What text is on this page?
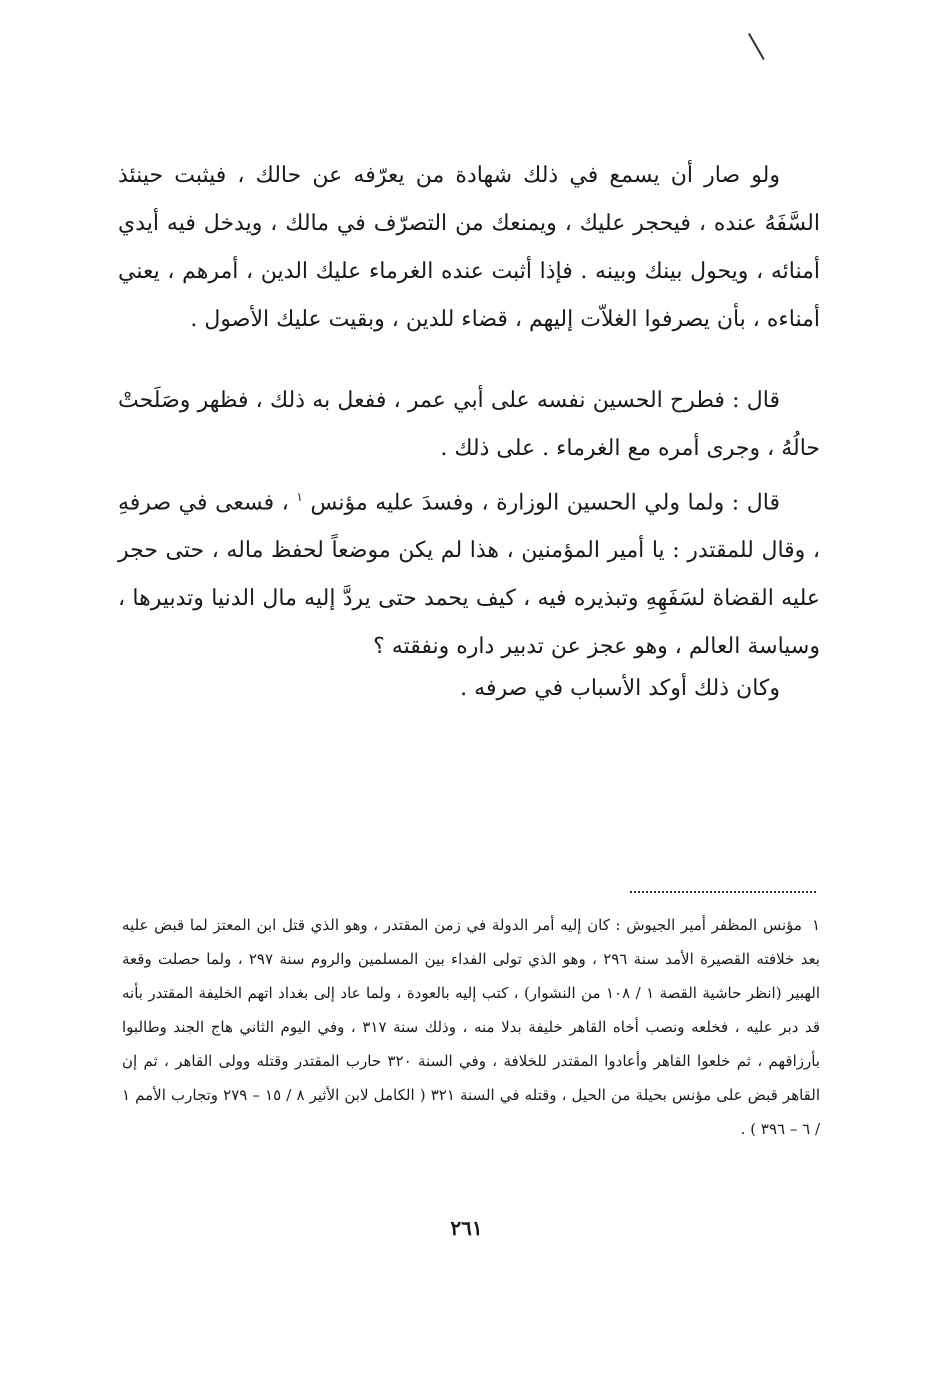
ولو صار أن يسمع في ذلك شهادة من يعرّفه عن حالك ، فيثبت حينئذ السَّفَهُ عنده ، فيحجر عليك ، ويمنعك من التصرّف في مالك ، ويدخل فيه أيدي أمنائه ، ويحول بينك وبينه . فإذا أثبت عنده الغرماء عليك الدين ، أمرهم ، يعني أمناءه ، بأن يصرفوا الغلاّت إليهم ، قضاء للدين ، وبقيت عليك الأصول .

قال : فطرح الحسين نفسه على أبي عمر ، ففعل به ذلك ، فظهر وصَلَحتْ حالُهُ ، وجرى أمره مع الغرماء . على ذلك .

قال : ولما ولي الحسين الوزارة ، وفسدَ عليه مؤنس $^١$ ، فسعى في صرفهِ ، وقال للمقتدر : يا أمير المؤمنين ، هذا لم يكن موضعاً لحفظ ماله ، حتى حجر عليه القضاة لسَفَهِهِ وتبذيره فيه ، كيف يحمد حتى يردَّ إليه مال الدنيا وتدبيرها ، وسياسة العالم ، وهو عجز عن تدبير داره ونفقته ؟

وكان ذلك أوكد الأسباب في صرفه .

١مؤنس المظفر أمير الجيوش : كان إليه أمر الدولة في زمن المقتدر ، وهو الذي قتل ابن المعتز لما قبض عليه بعد خلافته القصيرة الأمد سنة ٢٩٦ ، وهو الذي تولى الفداء بين المسلمين والروم سنة ٢٩٧ ، ولما حصلت وقعة الهبير (انظر حاشية القصة ١ / ١٠٨ من النشوار) ، كتب إليه بالعودة ، ولما عاد إلى بغداد اتهم الخليفة المقتدر بأنه قد دبر عليه ، فخلعه ونصب أخاه القاهر خليفة بدلا منه ، وذلك سنة ٣١٧ ، وفي اليوم الثاني هاج الجند وطالبوا بأرزاقهم ، ثم خلعوا القاهر وأعادوا المقتدر للخلافة ، وفي السنة ٣٢٠ حارب المقتدر وقتله وولى القاهر ، ثم إن القاهر قبض على مؤنس بحيلة من الحيل ، وقتله في السنة ٣٢١ ( الكامل لابن الأثير ٨ / ١٥ – ٢٧٩ وتجارب الأمم ١ / ٦ – ٣٩٦ ) .

٢٦١
